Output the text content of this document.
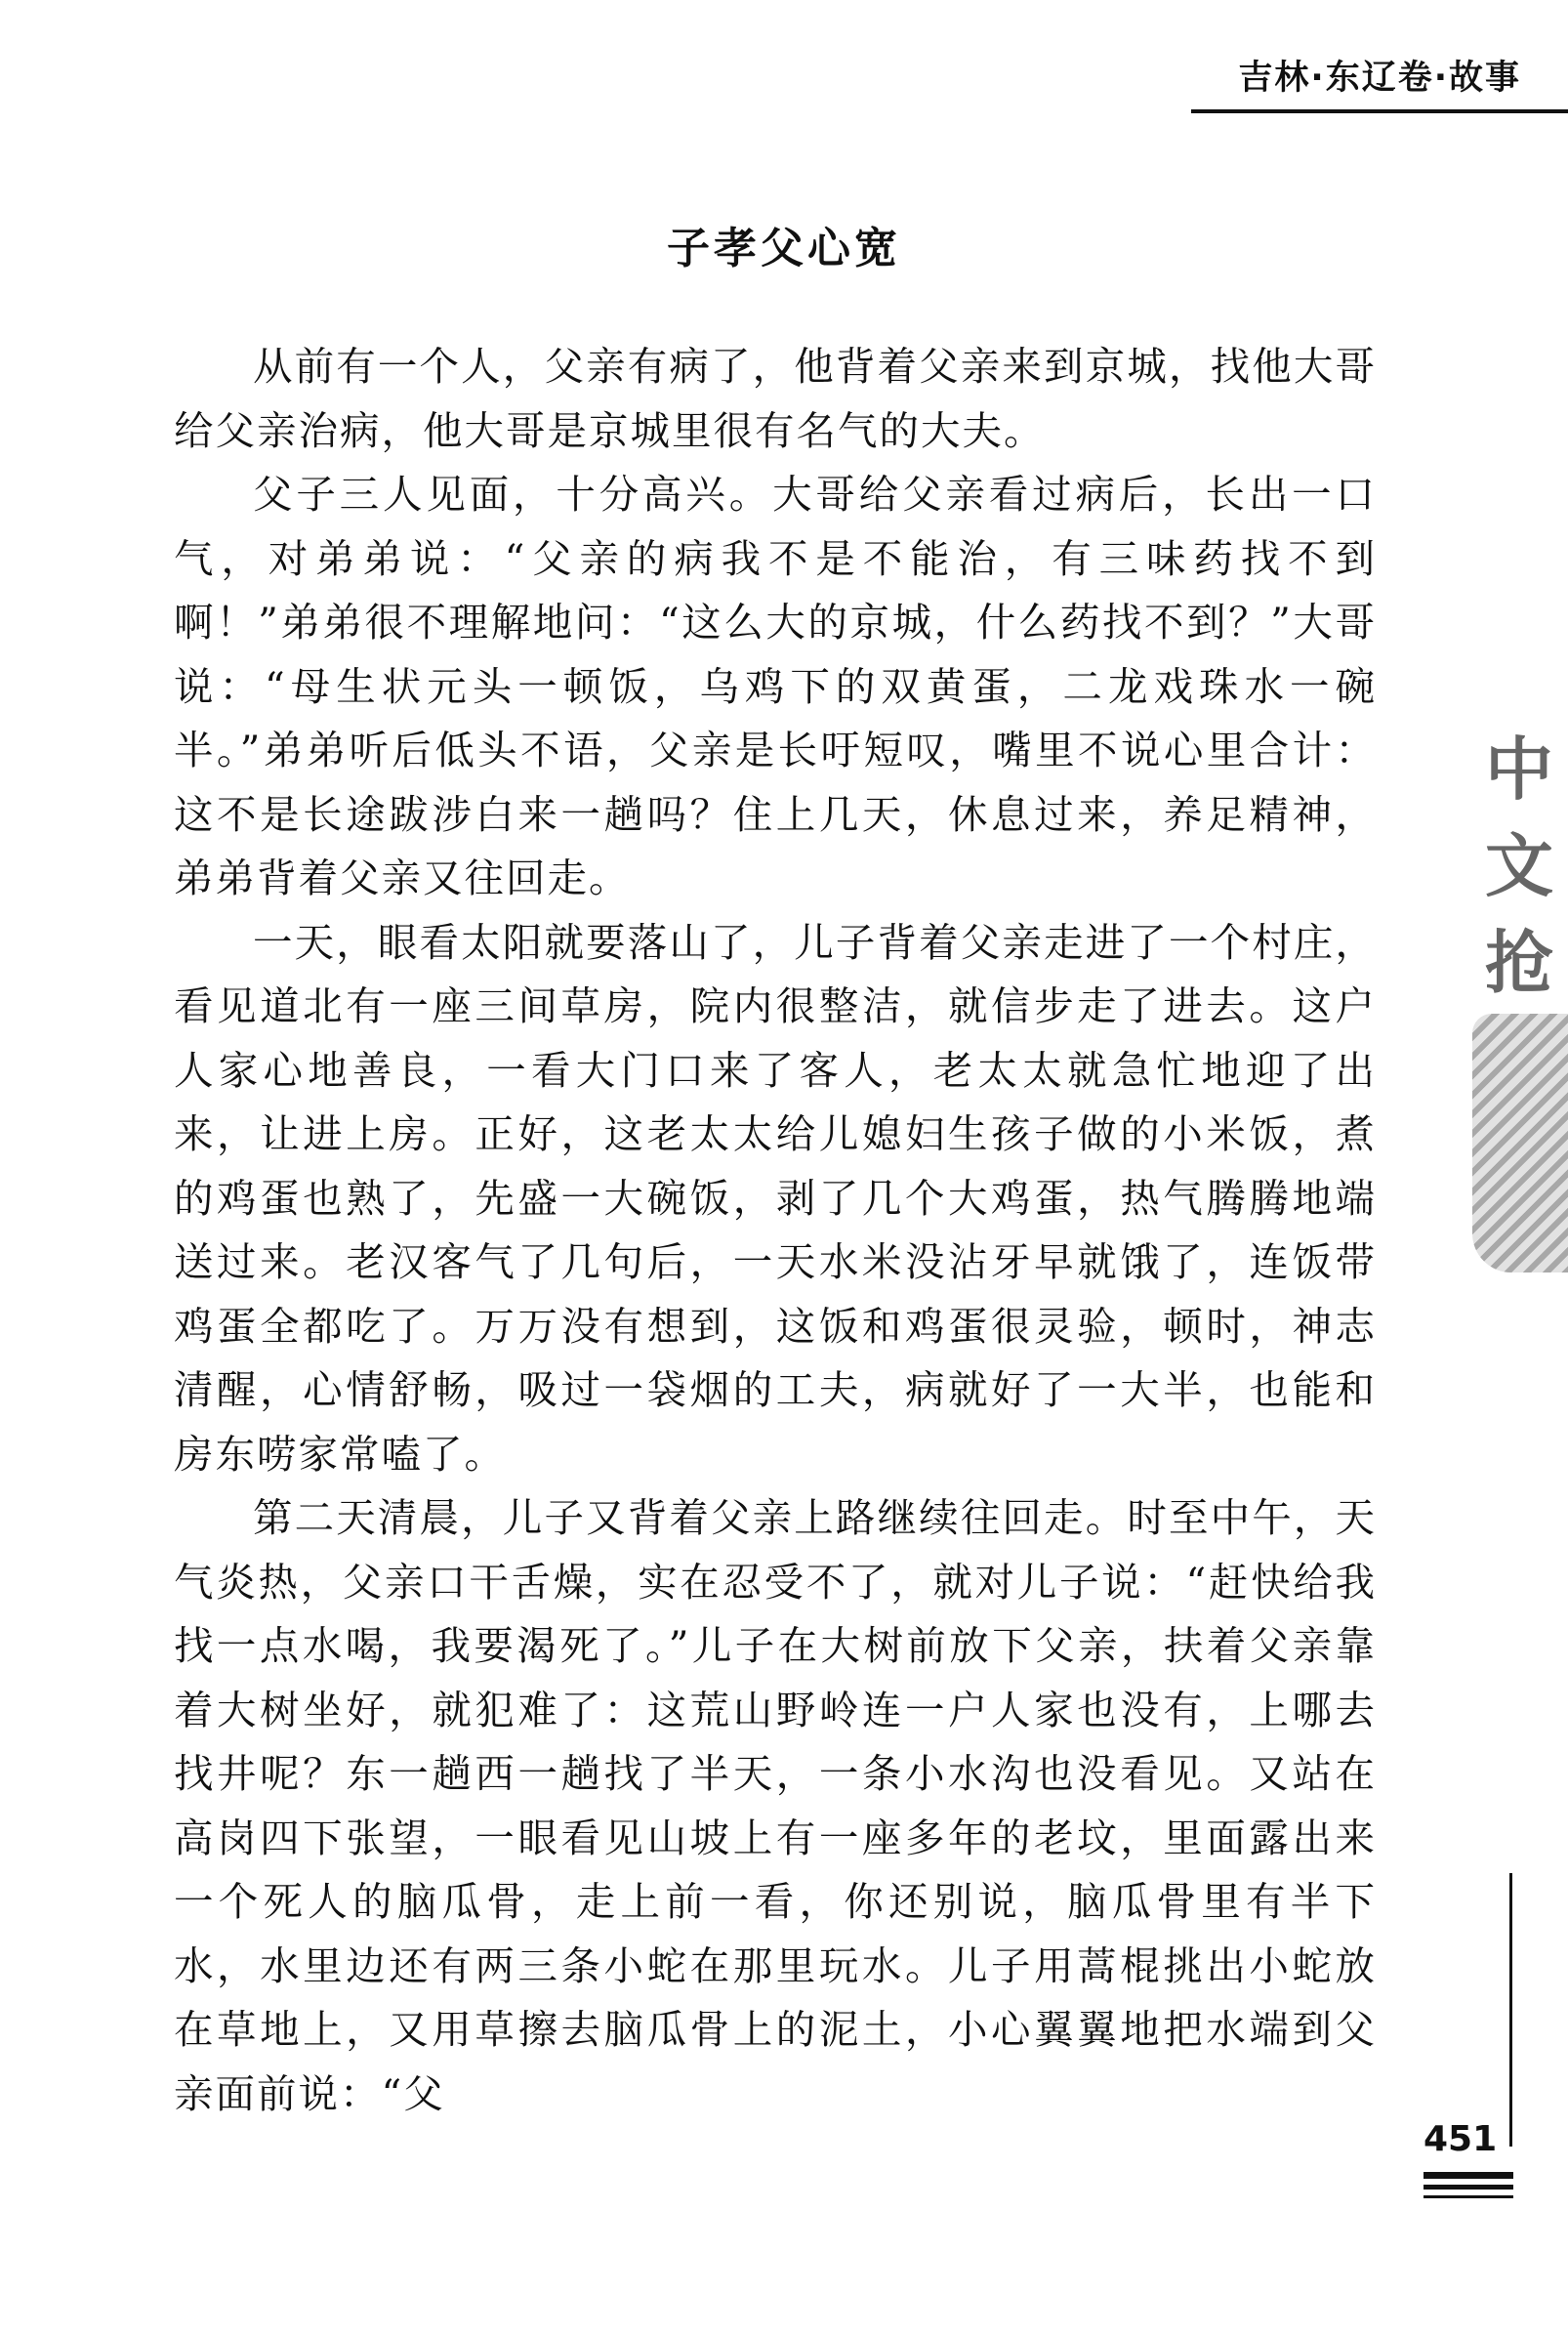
吉林·东辽卷·故事
子孝父心宽

从前有一个人，父亲有病了，他背着父亲来到京城，找他大哥给父亲治病，他大哥是京城里很有名气的大夫。

父子三人见面，十分高兴。大哥给父亲看过病后，长出一口气，对弟弟说：“父亲的病我不是不能治，有三味药找不到啊！”弟弟很不理解地问：“这么大的京城，什么药找不到？”大哥说：“母生状元头一顿饭，乌鸡下的双黄蛋，二龙戏珠水一碗半。”弟弟听后低头不语，父亲是长吁短叹，嘴里不说心里合计：这不是长途跋涉白来一趟吗？住上几天，休息过来，养足精神，弟弟背着父亲又往回走。

一天，眼看太阳就要落山了，儿子背着父亲走进了一个村庄，看见道北有一座三间草房，院内很整洁，就信步走了进去。这户人家心地善良，一看大门口来了客人，老太太就急忙地迎了出来，让进上房。正好，这老太太给儿媳妇生孩子做的小米饭，煮的鸡蛋也熟了，先盛一大碗饭，剥了几个大鸡蛋，热气腾腾地端送过来。老汉客气了几句后，一天水米没沾牙早就饿了，连饭带鸡蛋全都吃了。万万没有想到，这饭和鸡蛋很灵验，顿时，神志清醒，心情舒畅，吸过一袋烟的工夫，病就好了一大半，也能和房东唠家常嗑了。

第二天清晨，儿子又背着父亲上路继续往回走。时至中午，天气炎热，父亲口干舌燥，实在忍受不了，就对儿子说：“赶快给我找一点水喝，我要渴死了。”儿子在大树前放下父亲，扶着父亲靠着大树坐好，就犯难了：这荒山野岭连一户人家也没有，上哪去找井呢？东一趟西一趟找了半天，一条小水沟也没看见。又站在高岗四下张望，一眼看见山坡上有一座多年的老坟，里面露出来一个死人的脑瓜骨，走上前一看，你还别说，脑瓜骨里有半下水，水里边还有两三条小蛇在那里玩水。儿子用蒿棍挑出小蛇放在草地上，又用草擦去脑瓜骨上的泥土，小心翼翼地把水端到父亲面前说：“父

中
文
抢
451
